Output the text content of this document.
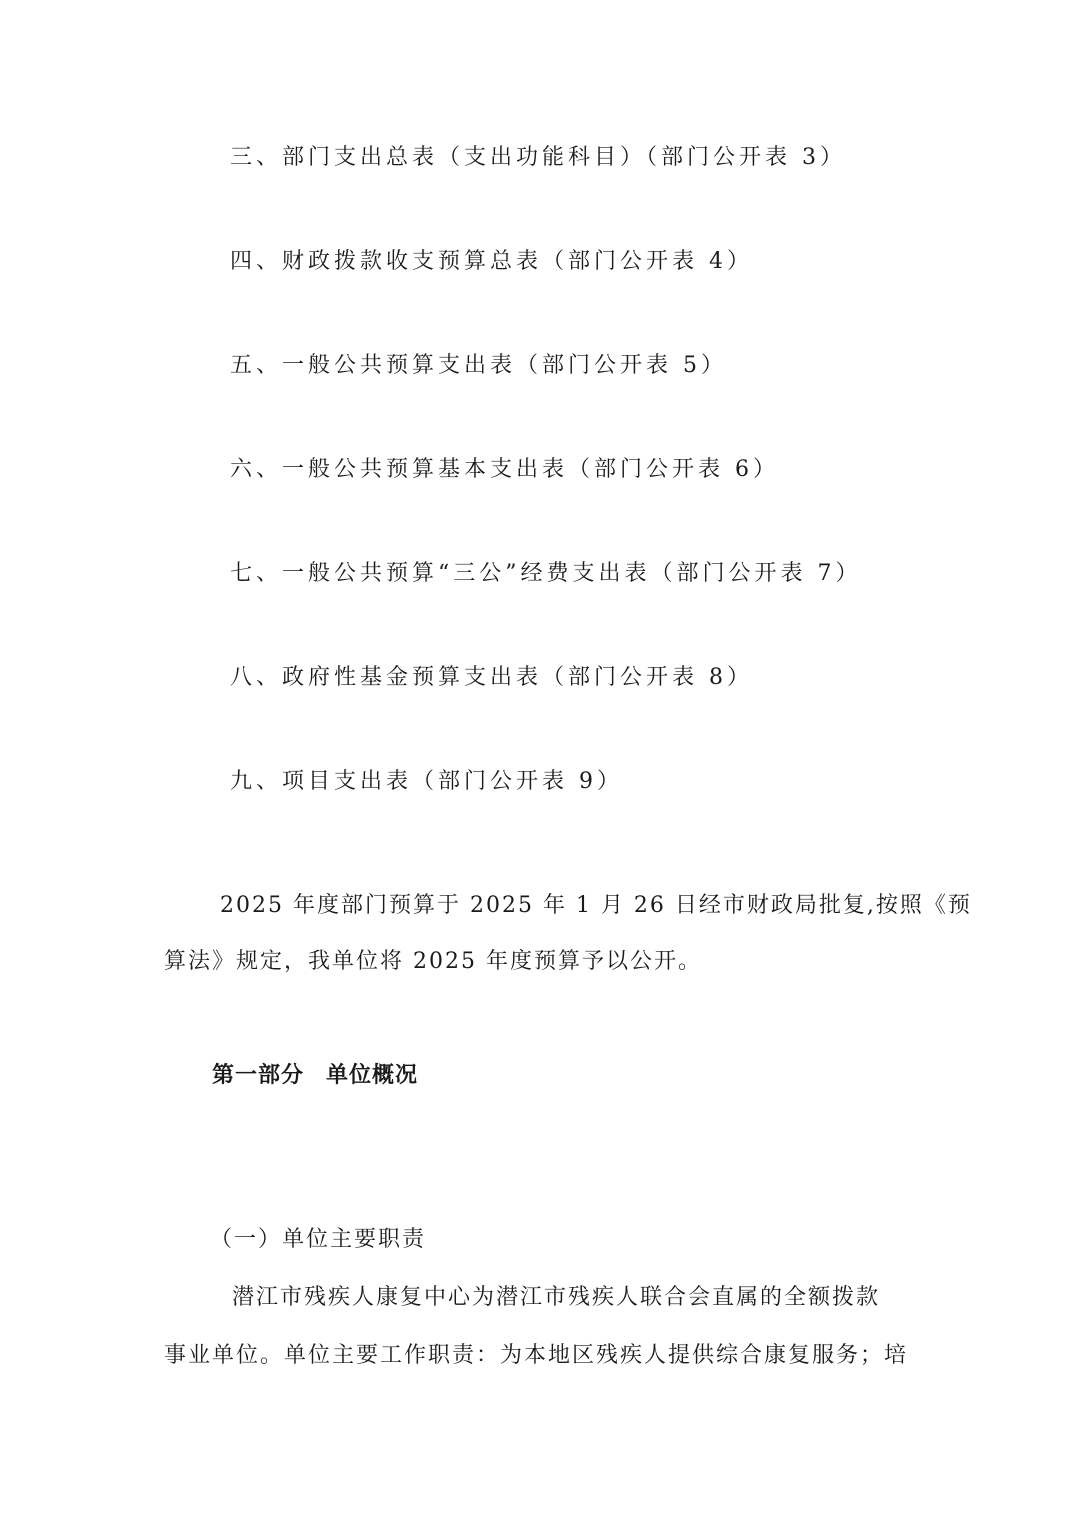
三、部门支出总表（支出功能科目）（部门公开表 3）
四、财政拨款收支预算总表（部门公开表 4）
五、一般公共预算支出表（部门公开表 5）
六、一般公共预算基本支出表（部门公开表 6）
七、一般公共预算“三公”经费支出表（部门公开表 7）
八、政府性基金预算支出表（部门公开表 8）
九、项目支出表（部门公开表 9）
2025 年度部门预算于 2025 年 1 月 26 日经市财政局批复,按照《预
算法》规定，我单位将 2025 年度预算予以公开。
第一部分 单位概况
（一）单位主要职责
潜江市残疾人康复中心为潜江市残疾人联合会直属的全额拨款
事业单位。单位主要工作职责：为本地区残疾人提供综合康复服务；培
